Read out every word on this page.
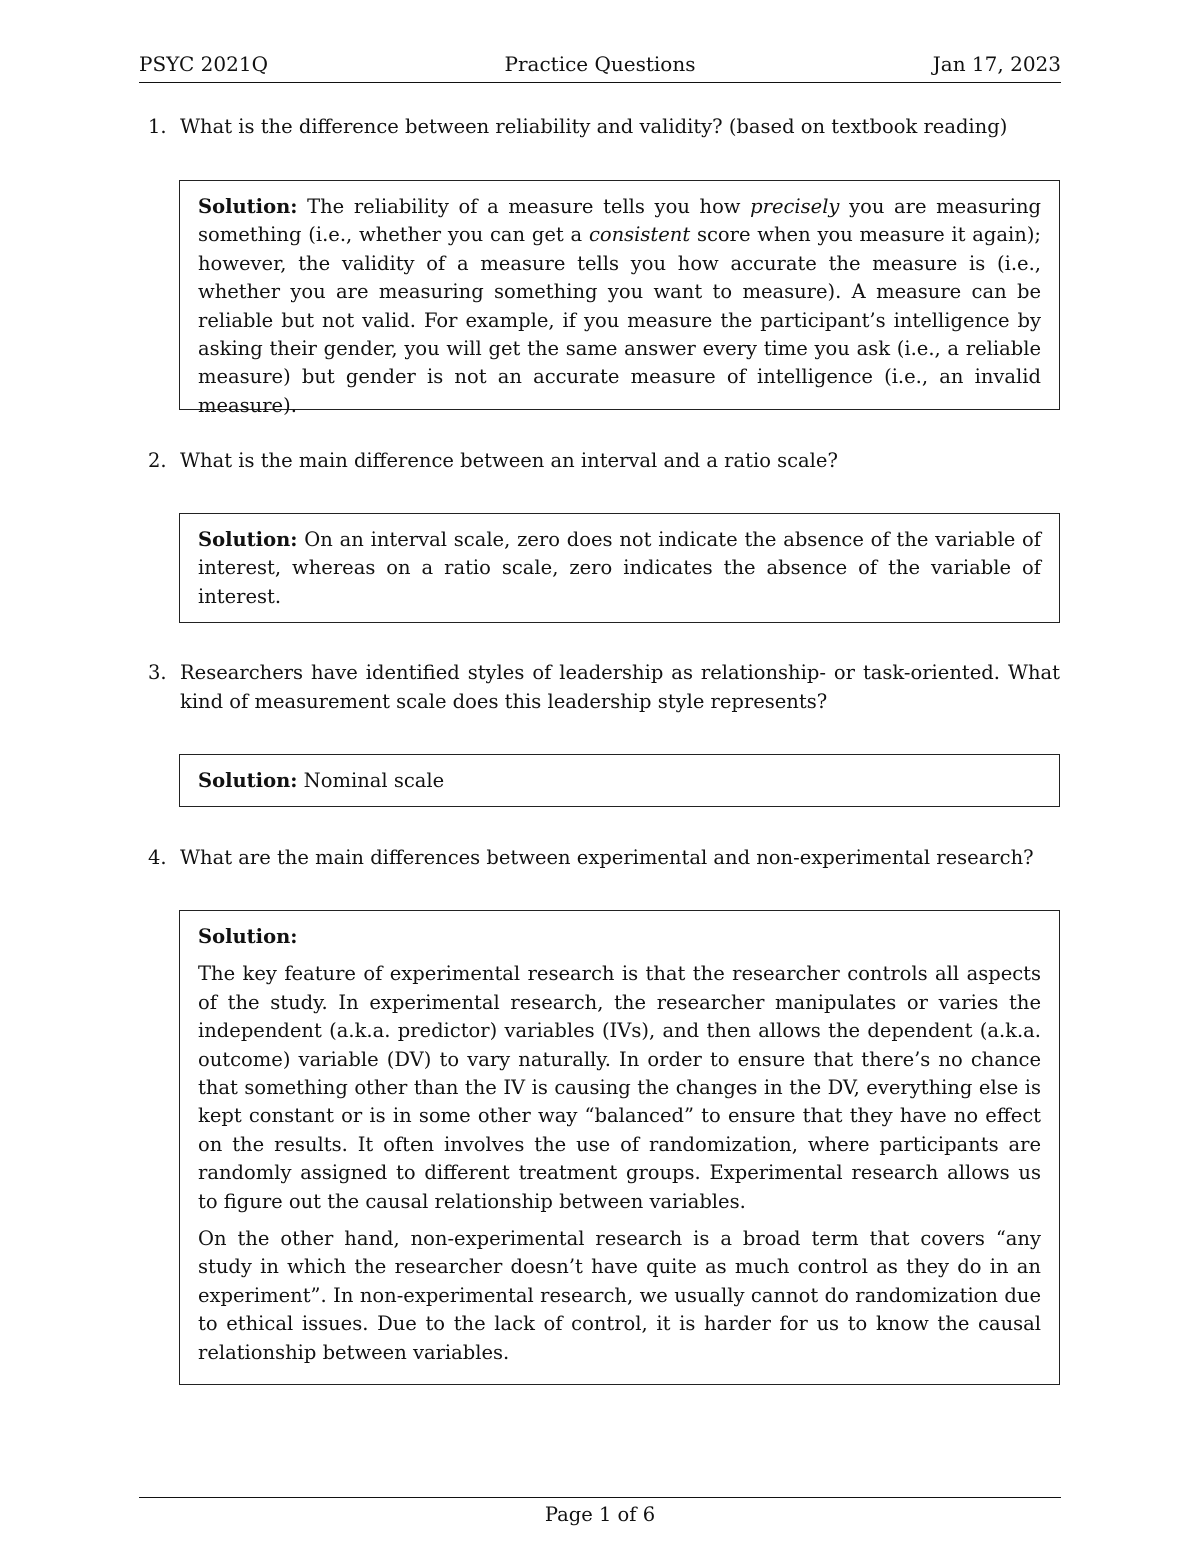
PSYC 2021Q	Practice Questions	Jan 17, 2023
1. What is the difference between reliability and validity? (based on textbook reading)

Solution: The reliability of a measure tells you how precisely you are measuring something (i.e., whether you can get a consistent score when you measure it again); however, the validity of a measure tells you how accurate the measure is (i.e., whether you are measuring something you want to measure). A measure can be reliable but not valid. For example, if you measure the participant’s intelligence by asking their gender, you will get the same answer every time you ask (i.e., a reliable measure) but gender is not an accurate measure of intelligence (i.e., an invalid measure).

2. What is the main difference between an interval and a ratio scale?

Solution: On an interval scale, zero does not indicate the absence of the variable of interest, whereas on a ratio scale, zero indicates the absence of the variable of interest.

3. Researchers have identified styles of leadership as relationship- or task-oriented. What kind of measurement scale does this leadership style represents?

Solution: Nominal scale

4. What are the main differences between experimental and non-experimental research?

Solution:

The key feature of experimental research is that the researcher controls all aspects of the study. In experimental research, the researcher manipulates or varies the independent (a.k.a. predictor) variables (IVs), and then allows the dependent (a.k.a. outcome) variable (DV) to vary naturally. In order to ensure that there’s no chance that something other than the IV is causing the changes in the DV, everything else is kept constant or is in some other way “balanced” to ensure that they have no effect on the results. It often involves the use of randomization, where participants are randomly assigned to different treatment groups. Experimental research allows us to figure out the causal relationship between variables.

On the other hand, non-experimental research is a broad term that covers “any study in which the researcher doesn’t have quite as much control as they do in an experiment”. In non-experimental research, we usually cannot do randomization due to ethical issues. Due to the lack of control, it is harder for us to know the causal relationship between variables.

Page 1 of 6
